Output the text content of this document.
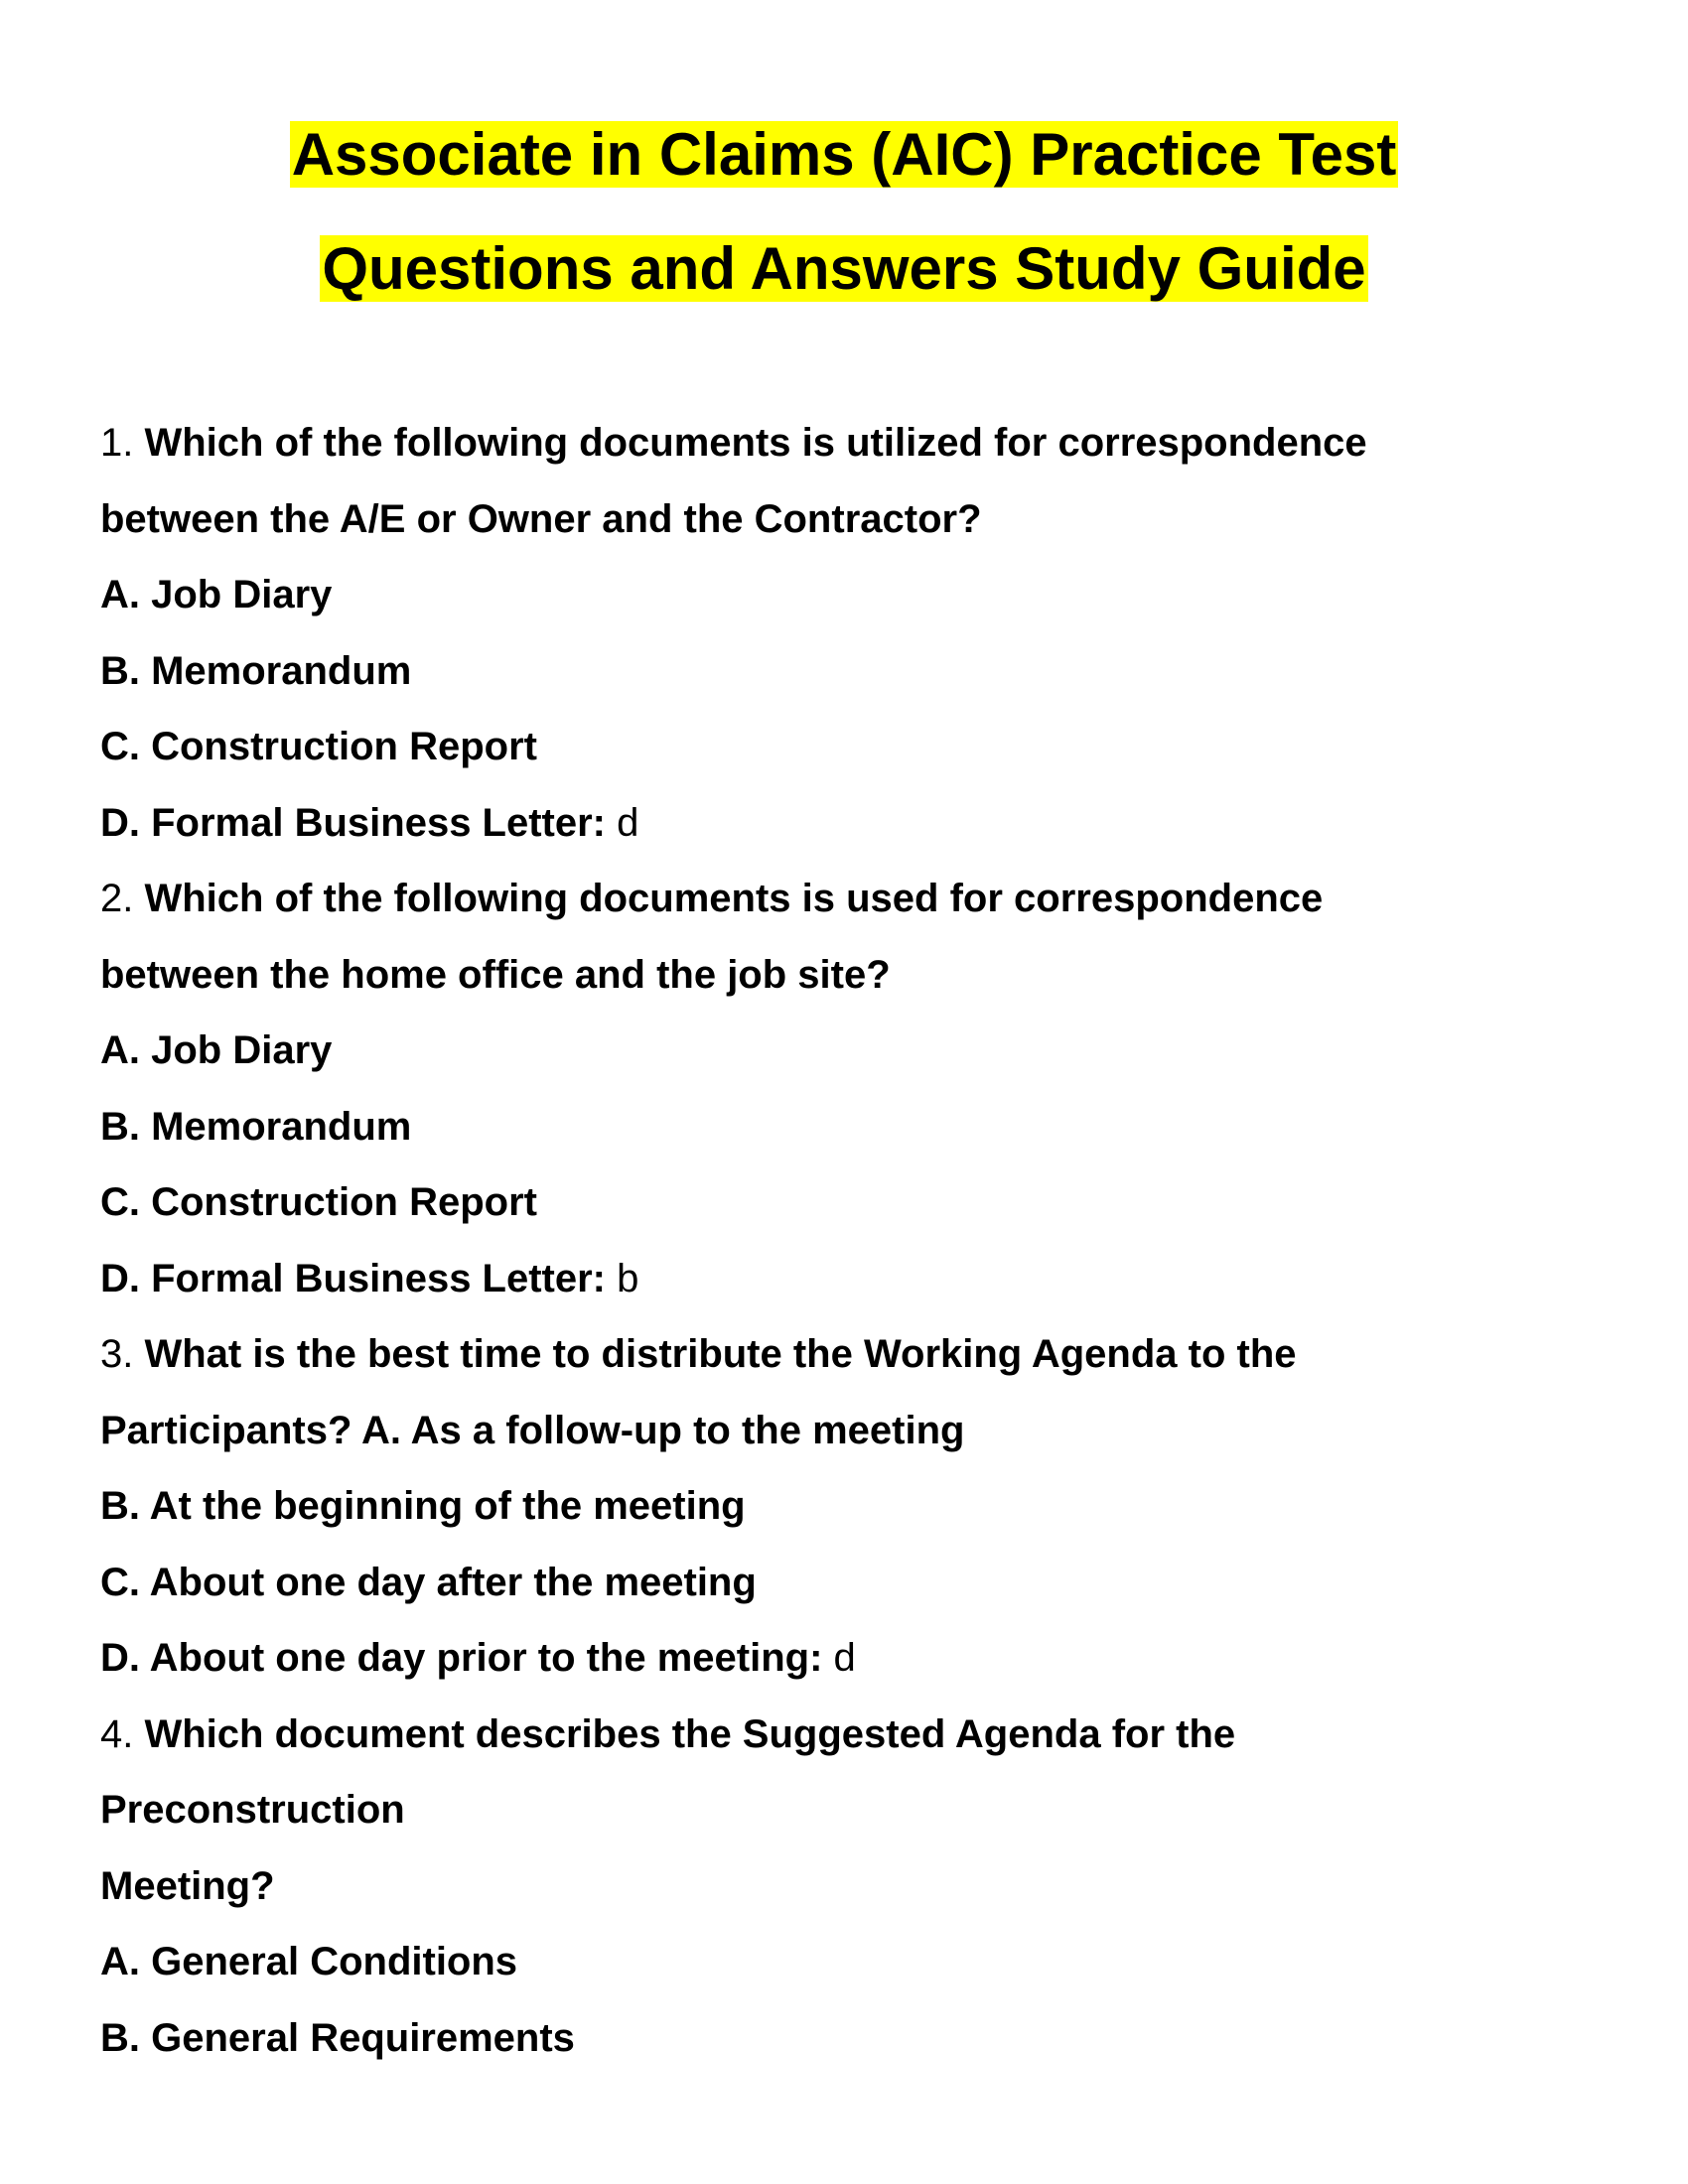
Associate in Claims (AIC) Practice Test
Questions and Answers Study Guide
1. Which of the following documents is utilized for correspondence
between the A/E or Owner and the Contractor?
A. Job Diary
B. Memorandum
C. Construction Report
D. Formal Business Letter: d
2. Which of the following documents is used for correspondence
between the home office and the job site?
A. Job Diary
B. Memorandum
C. Construction Report
D. Formal Business Letter: b
3. What is the best time to distribute the Working Agenda to the
Participants? A. As a follow-up to the meeting
B. At the beginning of the meeting
C. About one day after the meeting
D. About one day prior to the meeting: d
4. Which document describes the Suggested Agenda for the
Preconstruction
Meeting?
A. General Conditions
B. General Requirements
